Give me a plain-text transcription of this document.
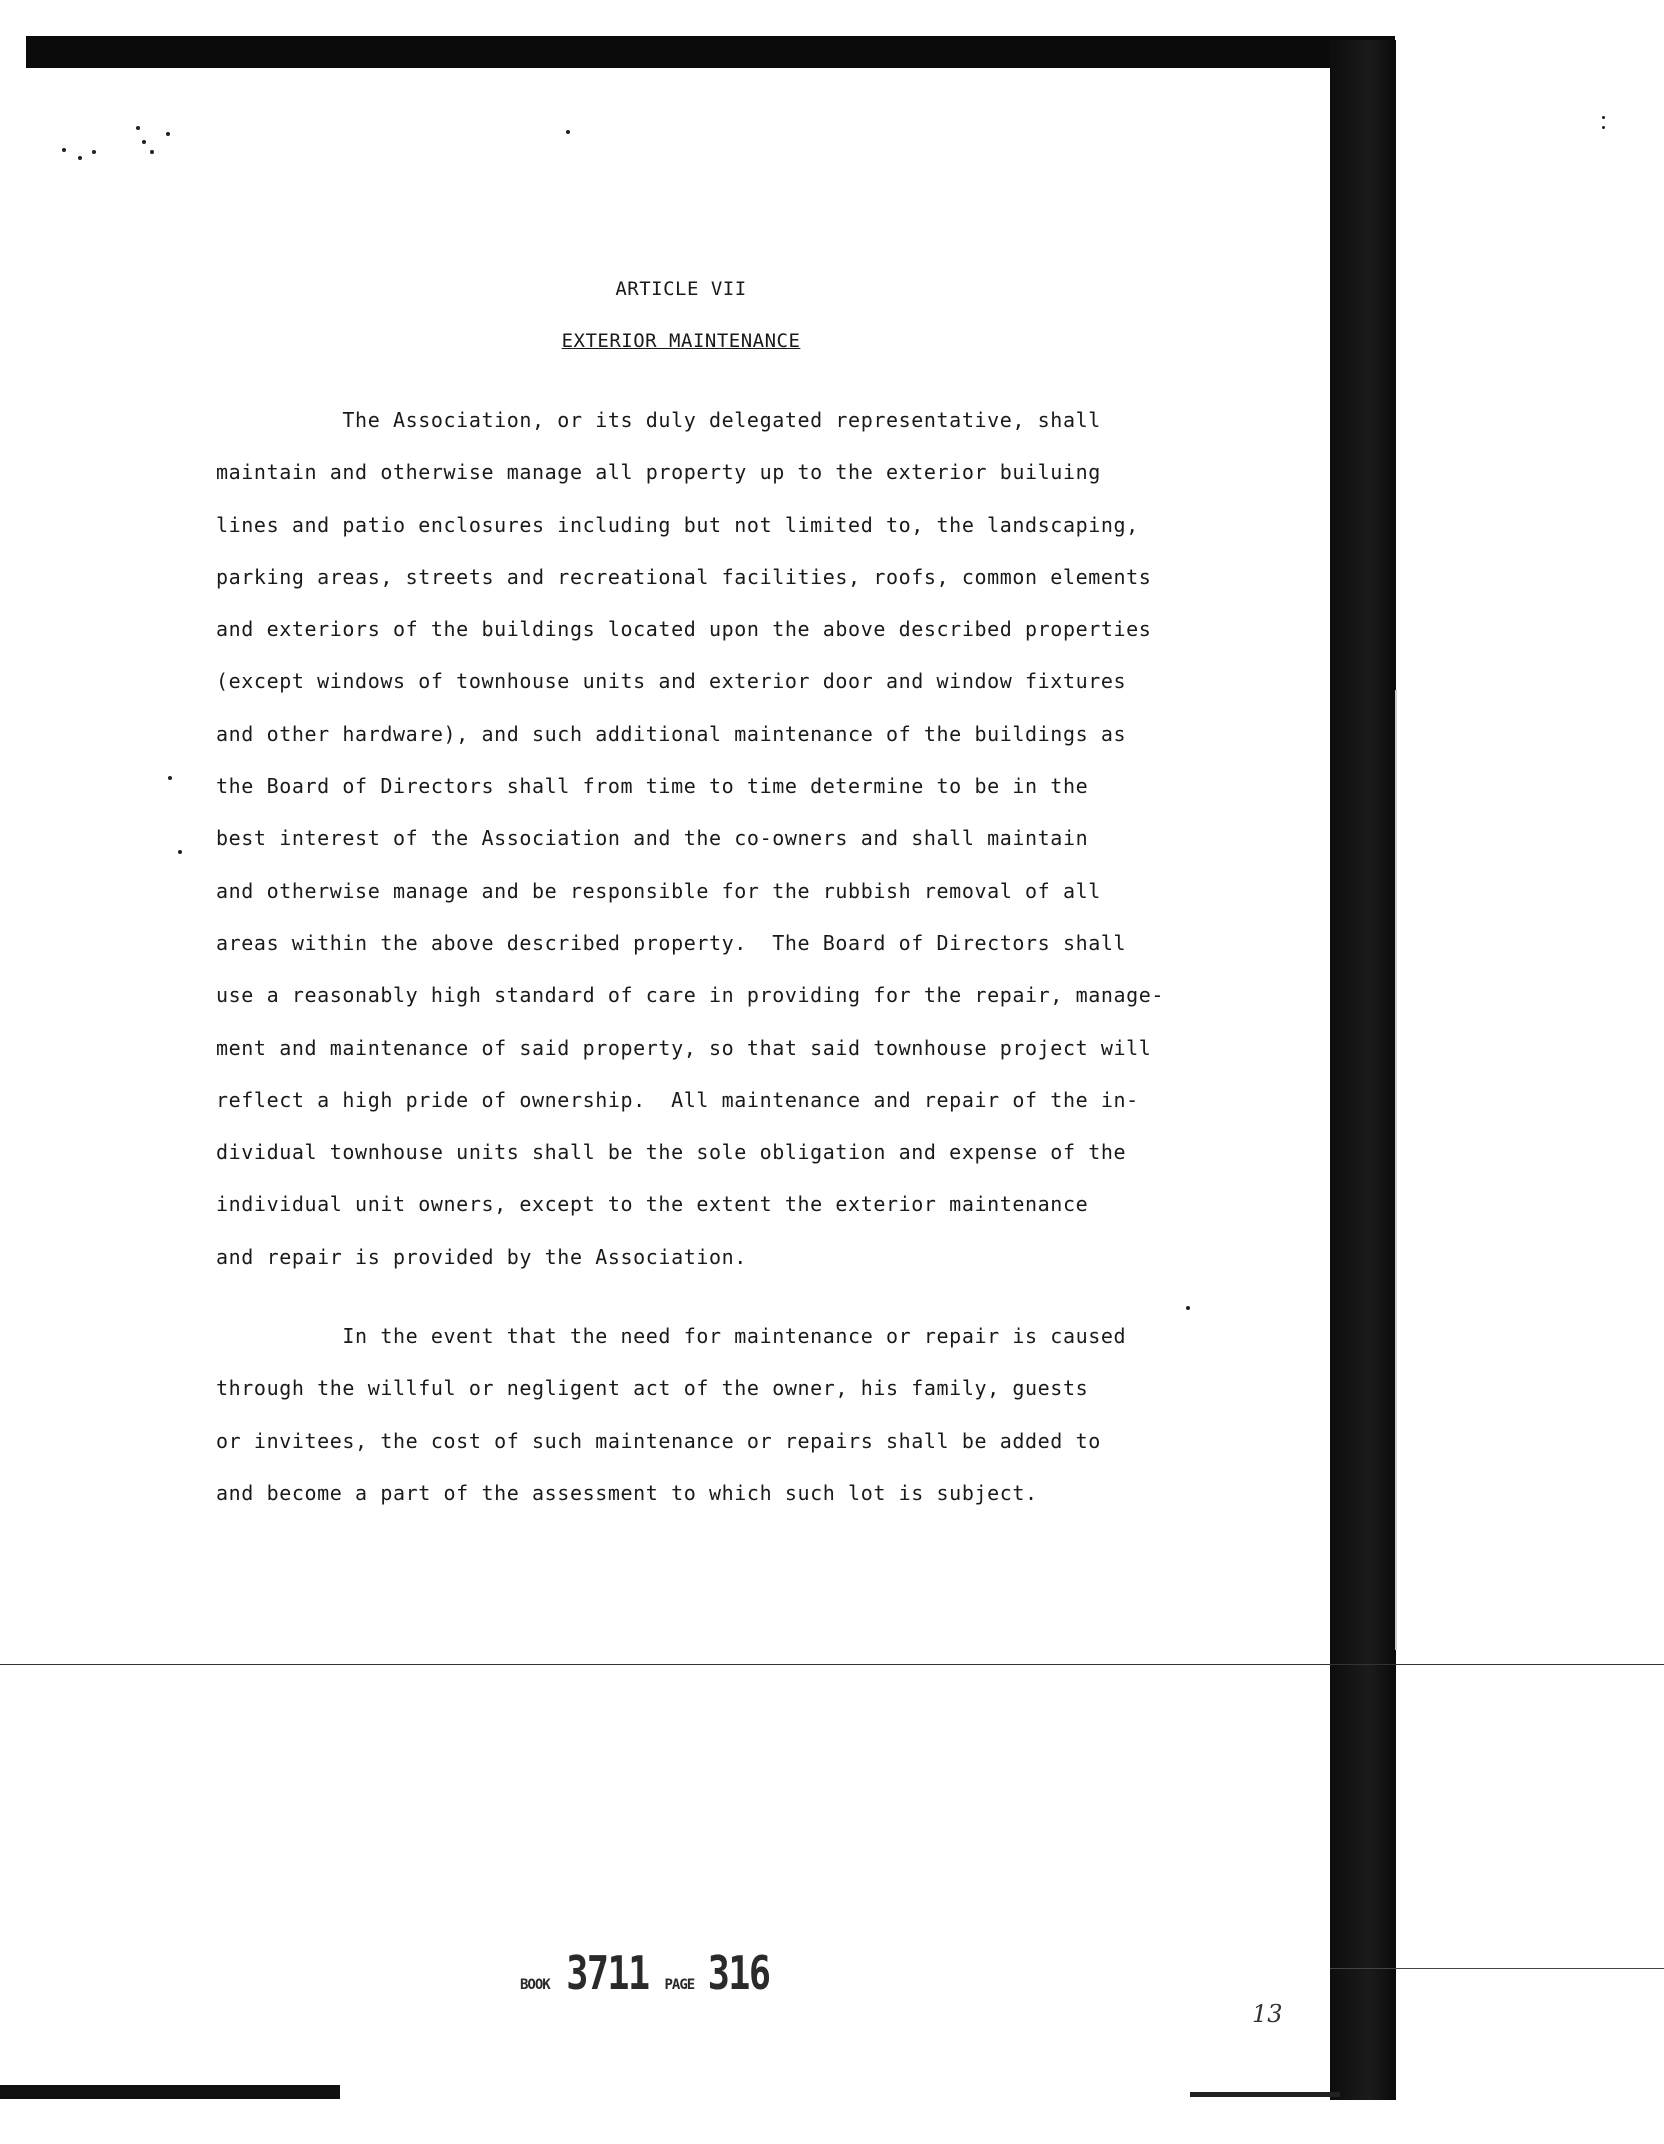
ARTICLE VII
EXTERIOR MAINTENANCE
The Association, or its duly delegated representative, shall
maintain and otherwise manage all property up to the exterior builuing
lines and patio enclosures including but not limited to, the landscaping,
parking areas, streets and recreational facilities, roofs, common elements
and exteriors of the buildings located upon the above described properties
(except windows of townhouse units and exterior door and window fixtures
and other hardware), and such additional maintenance of the buildings as
the Board of Directors shall from time to time determine to be in the
best interest of the Association and the co-owners and shall maintain
and otherwise manage and be responsible for the rubbish removal of all
areas within the above described property.  The Board of Directors shall
use a reasonably high standard of care in providing for the repair, manage-
ment and maintenance of said property, so that said townhouse project will
reflect a high pride of ownership.  All maintenance and repair of the in-
dividual townhouse units shall be the sole obligation and expense of the
individual unit owners, except to the extent the exterior maintenance
and repair is provided by the Association.
In the event that the need for maintenance or repair is caused
through the willful or negligent act of the owner, his family, guests
or invitees, the cost of such maintenance or repairs shall be added to
and become a part of the assessment to which such lot is subject.
BOOK 3711 PAGE 316
13
